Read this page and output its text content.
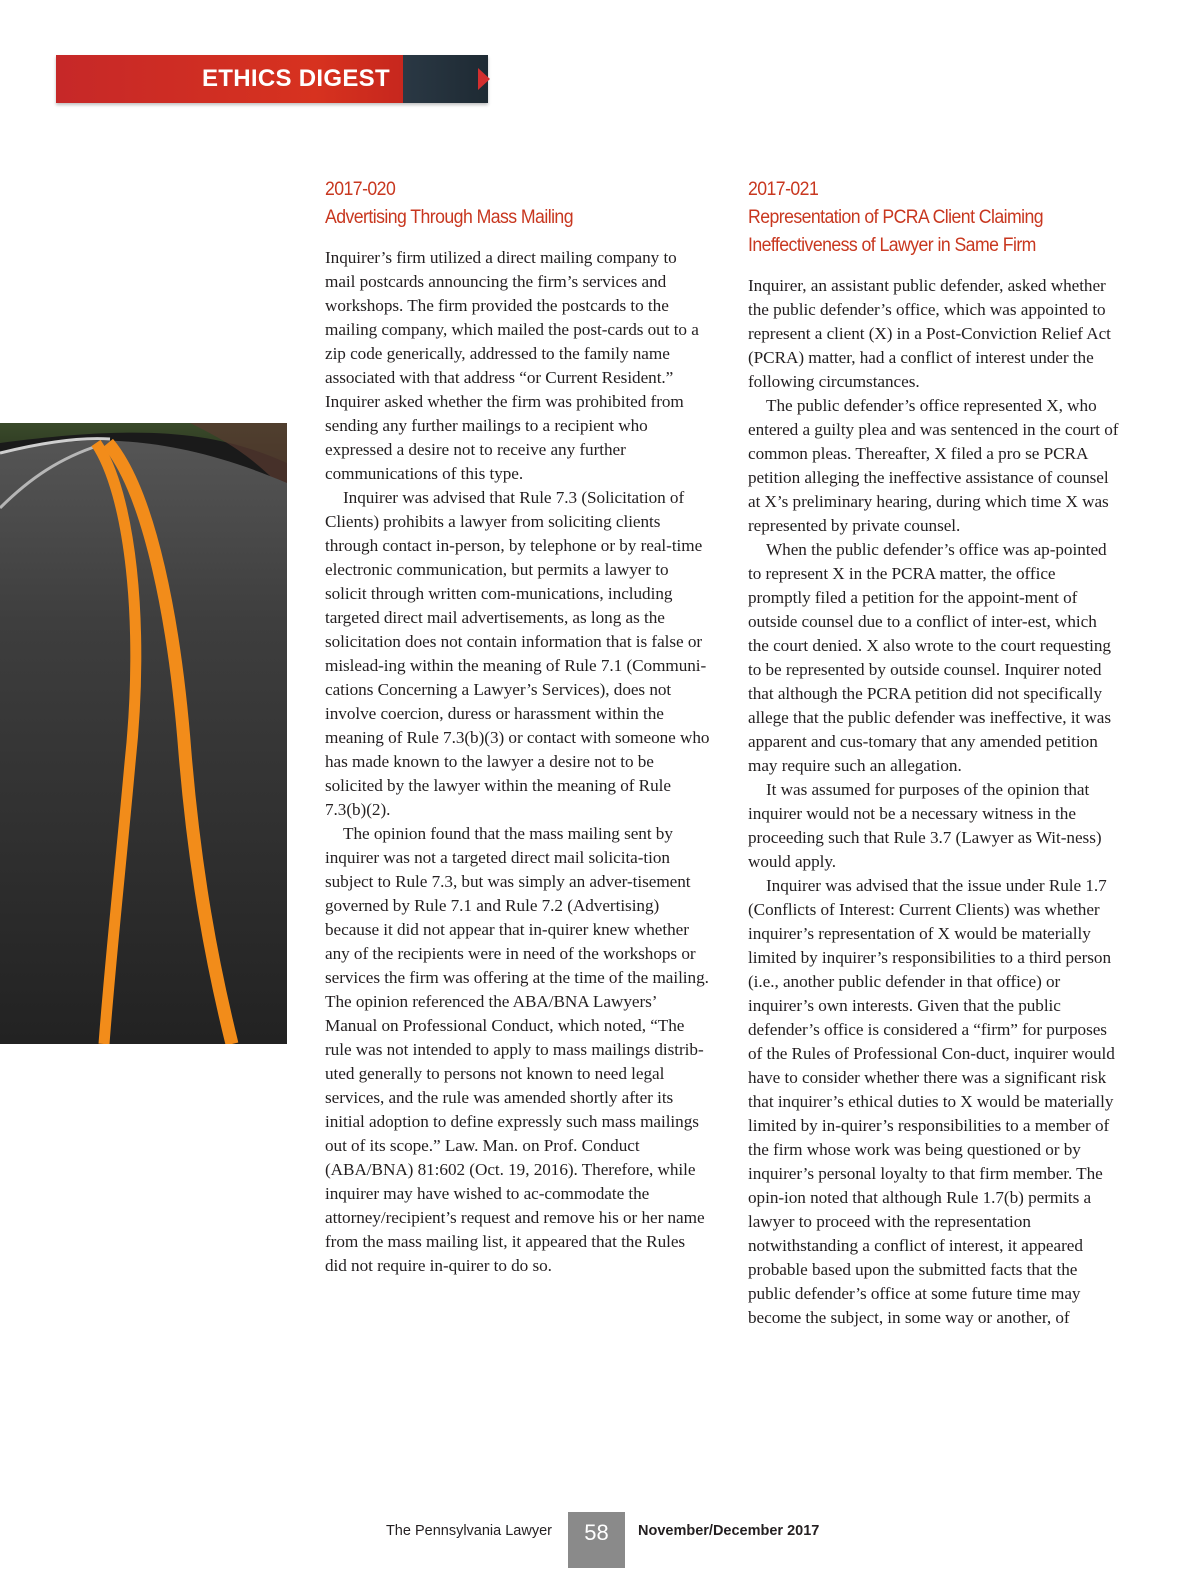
ETHICS DIGEST
2017-020
Advertising Through Mass Mailing

Inquirer’s firm utilized a direct mailing company to mail postcards announcing the firm’s services and workshops. The firm provided the postcards to the mailing company, which mailed the post-cards out to a zip code generically, addressed to the family name associated with that address “or Current Resident.” Inquirer asked whether the firm was prohibited from sending any further mailings to a recipient who expressed a desire not to receive any further communications of this type.

Inquirer was advised that Rule 7.3 (Solicitation of Clients) prohibits a lawyer from soliciting clients through contact in-person, by telephone or by real-time electronic communication, but permits a lawyer to solicit through written com-munications, including targeted direct mail advertisements, as long as the solicitation does not contain information that is false or mislead-ing within the meaning of Rule 7.1 (Communi-cations Concerning a Lawyer’s Services), does not involve coercion, duress or harassment within the meaning of Rule 7.3(b)(3) or contact with someone who has made known to the lawyer a desire not to be solicited by the lawyer within the meaning of Rule 7.3(b)(2).

The opinion found that the mass mailing sent by inquirer was not a targeted direct mail solicita-tion subject to Rule 7.3, but was simply an adver-tisement governed by Rule 7.1 and Rule 7.2 (Advertising) because it did not appear that in-quirer knew whether any of the recipients were in need of the workshops or services the firm was offering at the time of the mailing. The opinion referenced the ABA/BNA Lawyers’ Manual on Professional Conduct, which noted, “The rule was not intended to apply to mass mailings distrib-uted generally to persons not known to need legal services, and the rule was amended shortly after its initial adoption to define expressly such mass mailings out of its scope.” Law. Man. on Prof. Conduct (ABA/BNA) 81:602 (Oct. 19, 2016). Therefore, while inquirer may have wished to ac-commodate the attorney/recipient’s request and remove his or her name from the mass mailing list, it appeared that the Rules did not require in-quirer to do so.

2017-021
Representation of PCRA Client Claiming Ineffectiveness of Lawyer in Same Firm

Inquirer, an assistant public defender, asked whether the public defender’s office, which was appointed to represent a client (X) in a Post-Conviction Relief Act (PCRA) matter, had a conflict of interest under the following circumstances.

The public defender’s office represented X, who entered a guilty plea and was sentenced in the court of common pleas. Thereafter, X filed a pro se PCRA petition alleging the ineffective assistance of counsel at X’s preliminary hearing, during which time X was represented by private counsel.

When the public defender’s office was ap-pointed to represent X in the PCRA matter, the office promptly filed a petition for the appoint-ment of outside counsel due to a conflict of inter-est, which the court denied. X also wrote to the court requesting to be represented by outside counsel. Inquirer noted that although the PCRA petition did not specifically allege that the public defender was ineffective, it was apparent and cus-tomary that any amended petition may require such an allegation.

It was assumed for purposes of the opinion that inquirer would not be a necessary witness in the proceeding such that Rule 3.7 (Lawyer as Wit-ness) would apply.

Inquirer was advised that the issue under Rule 1.7 (Conflicts of Interest: Current Clients) was whether inquirer’s representation of X would be materially limited by inquirer’s responsibilities to a third person (i.e., another public defender in that office) or inquirer’s own interests. Given that the public defender’s office is considered a “firm” for purposes of the Rules of Professional Con-duct, inquirer would have to consider whether there was a significant risk that inquirer’s ethical duties to X would be materially limited by in-quirer’s responsibilities to a member of the firm whose work was being questioned or by inquirer’s personal loyalty to that firm member. The opin-ion noted that although Rule 1.7(b) permits a lawyer to proceed with the representation notwithstanding a conflict of interest, it appeared probable based upon the submitted facts that the public defender’s office at some future time may become the subject, in some way or another, of

The Pennsylvania Lawyer	58	November/December 2017
